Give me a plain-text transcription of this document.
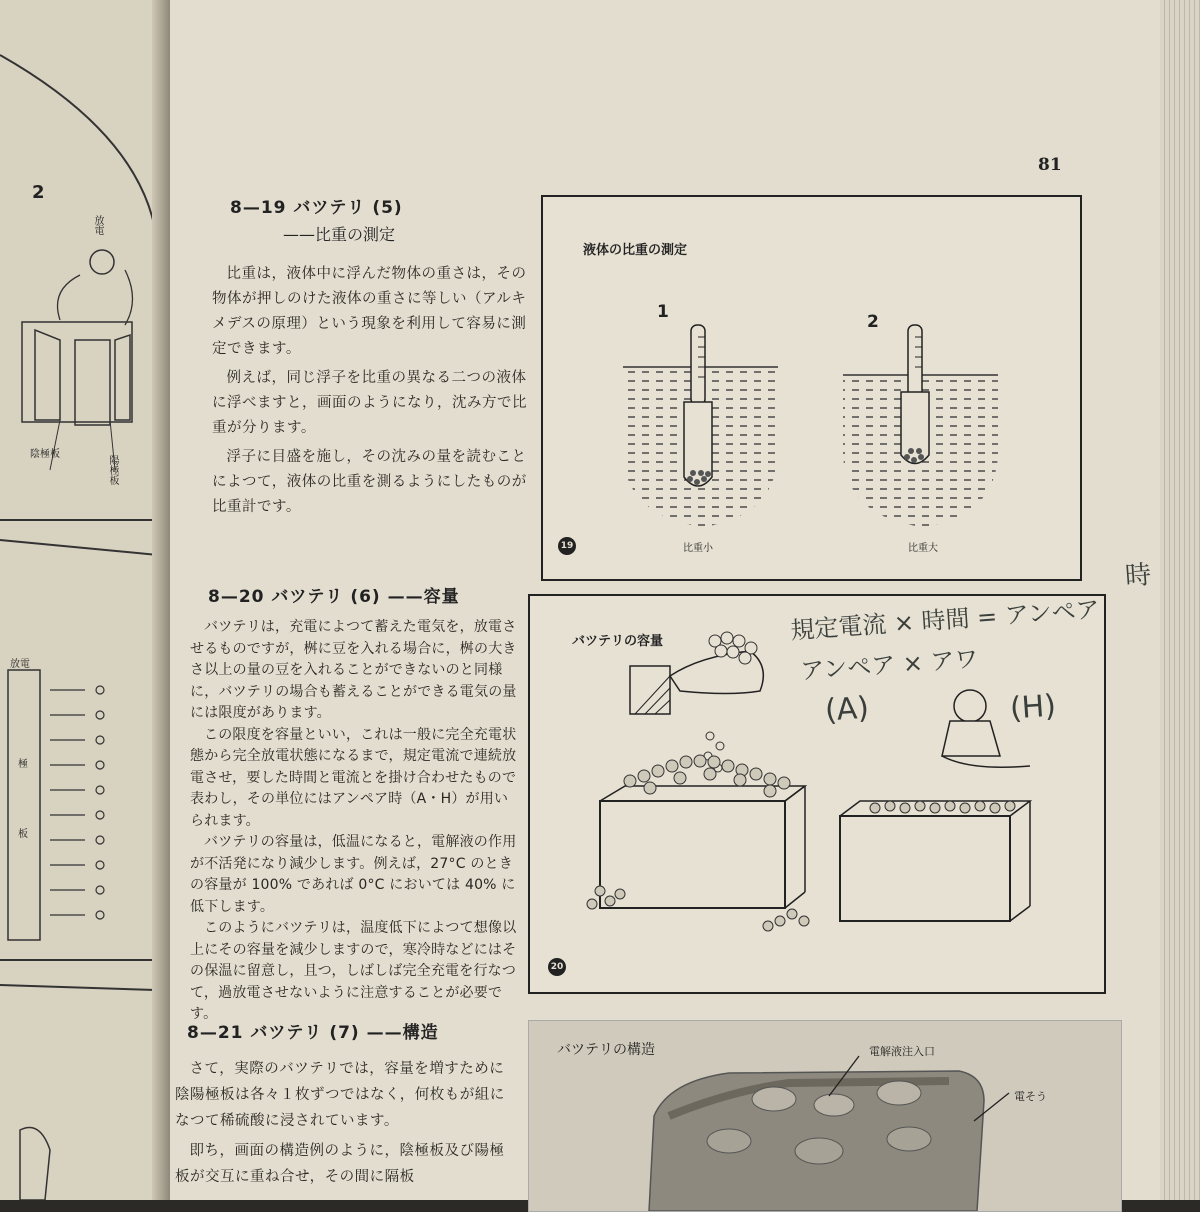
2
放電
陰極板
陽極板
放電
極
板
81
8—19 バツテリ (5)
——比重の測定

比重は，液体中に浮んだ物体の重さは，その物体が押しのけた液体の重さに等しい（アルキメデスの原理）という現象を利用して容易に測定できます。

例えば，同じ浮子を比重の異なる二つの液体に浮べますと，画面のようになり，沈み方で比重が分ります。

浮子に目盛を施し，その沈みの量を読むことによつて，液体の比重を測るようにしたものが比重計です。

液体の比重の測定
1	2
比重小	比重大
19
8—20 バツテリ (6) ——容量

バツテリは，充電によつて蓄えた電気を，放電させるものですが，桝に豆を入れる場合に，桝の大きさ以上の量の豆を入れることができないのと同様に，バツテリの場合も蓄えることができる電気の量には限度があります。

この限度を容量といい，これは一般に完全充電状態から完全放電状態になるまで，規定電流で連続放電させ，要した時間と電流とを掛け合わせたもので表わし，その単位にはアンペア時（A・H）が用いられます。

バツテリの容量は，低温になると，電解液の作用が不活発になり減少します。例えば，27°C のときの容量が 100% であれば 0°C においては 40% に低下します。

このようにバツテリは，温度低下によつて想像以上にその容量を減少しますので，寒冷時などにはその保温に留意し，且つ，しばしば完全充電を行なつて，過放電させないように注意することが必要です。

バツテリの容量
20
規定電流 × 時間 = アンペア
アンペア × アワ
(A)	(H)
時
8—21 バツテリ (7) ——構造

さて，実際のバツテリでは，容量を増すために陰陽極板は各々１枚ずつではなく，何枚もが組になつて稀硫酸に浸されています。

即ち，画面の構造例のように，陰極板及び陽極板が交互に重ね合せ，その間に隔板

バツテリの構造	電解液注入口
電そう
